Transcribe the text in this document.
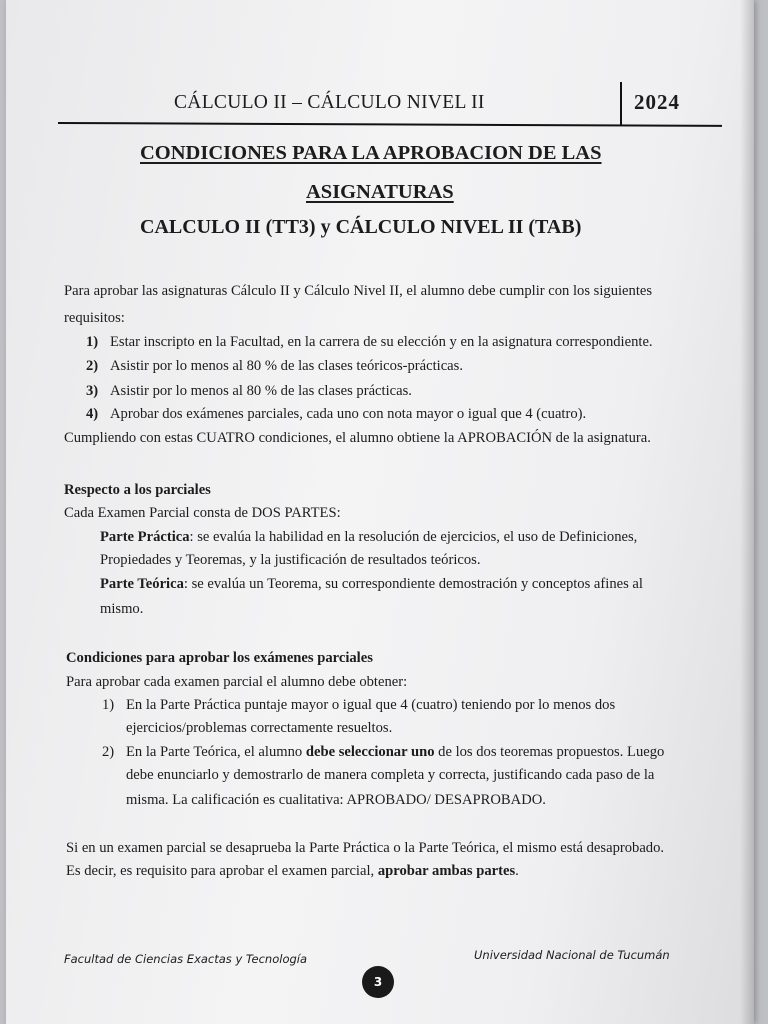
CÁLCULO II – CÁLCULO NIVEL II	2024
CONDICIONES PARA LA APROBACION DE LAS
ASIGNATURAS
CALCULO II (TT3) y CÁLCULO NIVEL II (TAB)
Para aprobar las asignaturas Cálculo II y Cálculo Nivel II, el alumno debe cumplir con los siguientes
requisitos:
1) Estar inscripto en la Facultad, en la carrera de su elección y en la asignatura correspondiente.
2) Asistir por lo menos al 80 % de las clases teóricos-prácticas.
3) Asistir por lo menos al 80 % de las clases prácticas.
4) Aprobar dos exámenes parciales, cada uno con nota mayor o igual que 4 (cuatro).
Cumpliendo con estas CUATRO condiciones, el alumno obtiene la APROBACIÓN de la asignatura.
Respecto a los parciales
Cada Examen Parcial consta de DOS PARTES:
Parte Práctica: se evalúa la habilidad en la resolución de ejercicios, el uso de Definiciones,
Propiedades y Teoremas, y la justificación de resultados teóricos.
Parte Teórica: se evalúa un Teorema, su correspondiente demostración y conceptos afines al
mismo.
Condiciones para aprobar los exámenes parciales
Para aprobar cada examen parcial el alumno debe obtener:
1) En la Parte Práctica puntaje mayor o igual que 4 (cuatro) teniendo por lo menos dos
ejercicios/problemas correctamente resueltos.
2) En la Parte Teórica, el alumno debe seleccionar uno de los dos teoremas propuestos. Luego
debe enunciarlo y demostrarlo de manera completa y correcta, justificando cada paso de la
misma. La calificación es cualitativa: APROBADO/ DESAPROBADO.
Si en un examen parcial se desaprueba la Parte Práctica o la Parte Teórica, el mismo está desaprobado.
Es decir, es requisito para aprobar el examen parcial, aprobar ambas partes.
Facultad de Ciencias Exactas y Tecnología	Universidad Nacional de Tucumán
3
